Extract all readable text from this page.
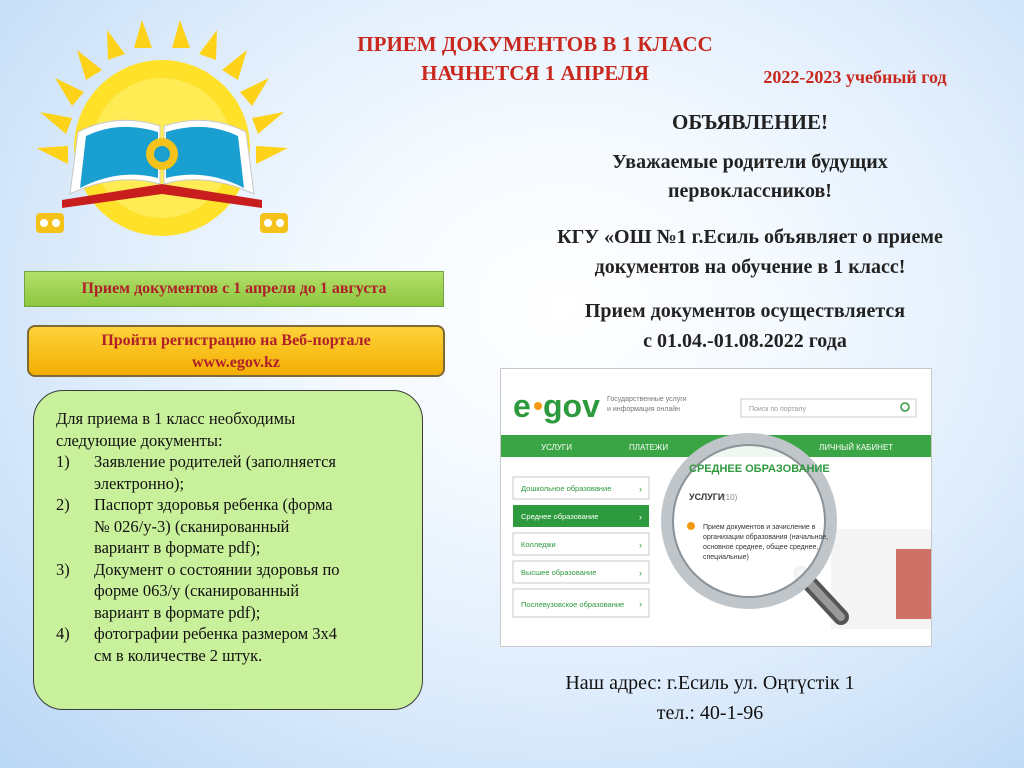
ПРИЕМ ДОКУМЕНТОВ В 1 КЛАСС
НАЧНЕТСЯ 1 АПРЕЛЯ	2022-2023 учебный год
ОБЪЯВЛЕНИЕ!
Уважаемые родители будущих
первоклассников!
КГУ «ОШ №1 г.Есиль объявляет о приеме
документов на обучение в 1 класс!
Прием документов осуществляется
с 01.04.-01.08.2022 года
Прием документов с 1 апреля до 1 августа
Пройти регистрацию на Веб-портале
www.egov.kz
Для приема в 1 класс необходимы
следующие документы:
1) Заявление родителей (заполняется
электронно);
2) Паспорт здоровья ребенка (форма
№ 026/у-3) (сканированный
вариант в формате pdf);
3) Документ о состоянии здоровья по
форме 063/у (сканированный
вариант в формате pdf);
4) фотографии ребенка размером 3х4
см в количестве 2 штук.
e gov Государственные услуги
и информация онлайн	Поиск по порталу
УСЛУГИ	ПЛАТЕЖИ	ЛИЧНЫЙ КАБИНЕТ
Дошкольное образование	›
Среднее образование	›
Колледжи	›
Высшее образование	›
Послевузовское образование ›
СРЕДНЕЕ ОБРАЗОВАНИЕ
УСЛУГИ
(10)
Прием документов и зачисление в
организации образования (начальное,
основное среднее, общее среднее,
специальные)
Наш адрес: г.Есиль ул. Оңтүстік 1
тел.: 40-1-96
